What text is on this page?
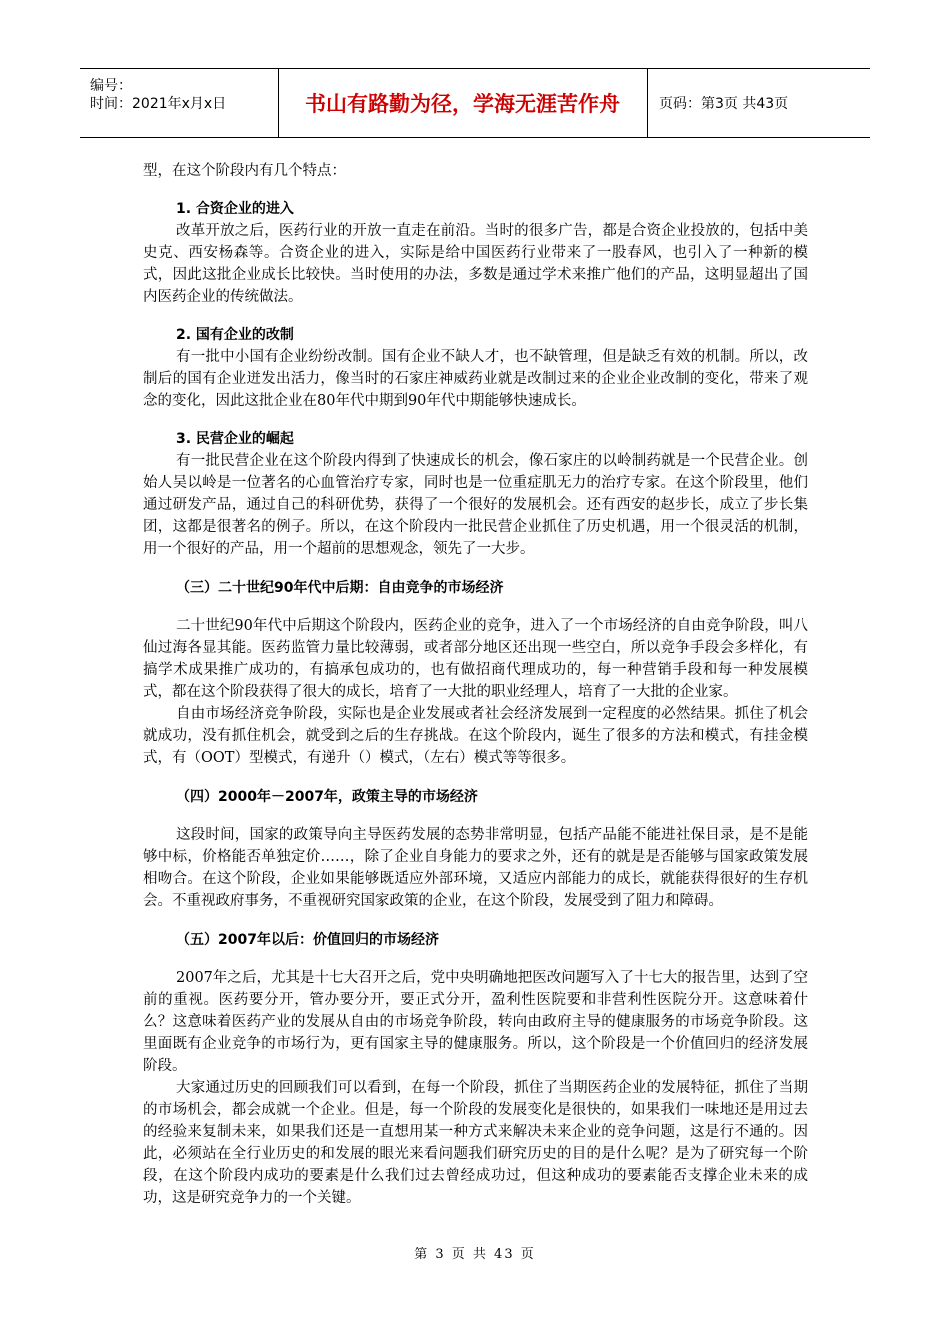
编号：
时间：2021年x月x日	书山有路勤为径，学海无涯苦作舟	页码：第3页 共43页

型，在这个阶段内有几个特点：

1. 合资企业的进入

改革开放之后，医药行业的开放一直走在前沿。当时的很多广告，都是合资企业投放的，包括中美史克、西安杨森等。合资企业的进入，实际是给中国医药行业带来了一股春风，也引入了一种新的模式，因此这批企业成长比较快。当时使用的办法，多数是通过学术来推广他们的产品，这明显超出了国内医药企业的传统做法。

2. 国有企业的改制

有一批中小国有企业纷纷改制。国有企业不缺人才，也不缺管理，但是缺乏有效的机制。所以，改制后的国有企业迸发出活力，像当时的石家庄神威药业就是改制过来的企业企业改制的变化，带来了观念的变化，因此这批企业在80年代中期到90年代中期能够快速成长。

3. 民营企业的崛起

有一批民营企业在这个阶段内得到了快速成长的机会，像石家庄的以岭制药就是一个民营企业。创始人吴以岭是一位著名的心血管治疗专家，同时也是一位重症肌无力的治疗专家。在这个阶段里，他们通过研发产品，通过自己的科研优势，获得了一个很好的发展机会。还有西安的赵步长，成立了步长集团，这都是很著名的例子。所以，在这个阶段内一批民营企业抓住了历史机遇，用一个很灵活的机制，用一个很好的产品，用一个超前的思想观念，领先了一大步。

（三）二十世纪90年代中后期：自由竞争的市场经济

二十世纪90年代中后期这个阶段内，医药企业的竞争，进入了一个市场经济的自由竞争阶段，叫八仙过海各显其能。医药监管力量比较薄弱，或者部分地区还出现一些空白，所以竞争手段会多样化，有搞学术成果推广成功的，有搞承包成功的，也有做招商代理成功的，每一种营销手段和每一种发展模式，都在这个阶段获得了很大的成长，培育了一大批的职业经理人，培育了一大批的企业家。

自由市场经济竞争阶段，实际也是企业发展或者社会经济发展到一定程度的必然结果。抓住了机会就成功，没有抓住机会，就受到之后的生存挑战。在这个阶段内，诞生了很多的方法和模式，有挂金模式，有（OOT）型模式，有递升（）模式，（左右）模式等等很多。

（四）2000年－2007年，政策主导的市场经济

这段时间，国家的政策导向主导医药发展的态势非常明显，包括产品能不能进社保目录，是不是能够中标，价格能否单独定价……，除了企业自身能力的要求之外，还有的就是是否能够与国家政策发展相吻合。在这个阶段，企业如果能够既适应外部环境，又适应内部能力的成长，就能获得很好的生存机会。不重视政府事务，不重视研究国家政策的企业，在这个阶段，发展受到了阻力和障碍。

（五）2007年以后：价值回归的市场经济

2007年之后，尤其是十七大召开之后，党中央明确地把医改问题写入了十七大的报告里，达到了空前的重视。医药要分开，管办要分开，要正式分开，盈利性医院要和非营利性医院分开。这意味着什么？这意味着医药产业的发展从自由的市场竞争阶段，转向由政府主导的健康服务的市场竞争阶段。这里面既有企业竞争的市场行为，更有国家主导的健康服务。所以，这个阶段是一个价值回归的经济发展阶段。

大家通过历史的回顾我们可以看到，在每一个阶段，抓住了当期医药企业的发展特征，抓住了当期的市场机会，都会成就一个企业。但是，每一个阶段的发展变化是很快的，如果我们一味地还是用过去的经验来复制未来，如果我们还是一直想用某一种方式来解决未来企业的竞争问题，这是行不通的。因此，必须站在全行业历史的和发展的眼光来看问题我们研究历史的目的是什么呢？是为了研究每一个阶段，在这个阶段内成功的要素是什么我们过去曾经成功过，但这种成功的要素能否支撑企业未来的成功，这是研究竞争力的一个关键。

第 3 页 共 43 页
